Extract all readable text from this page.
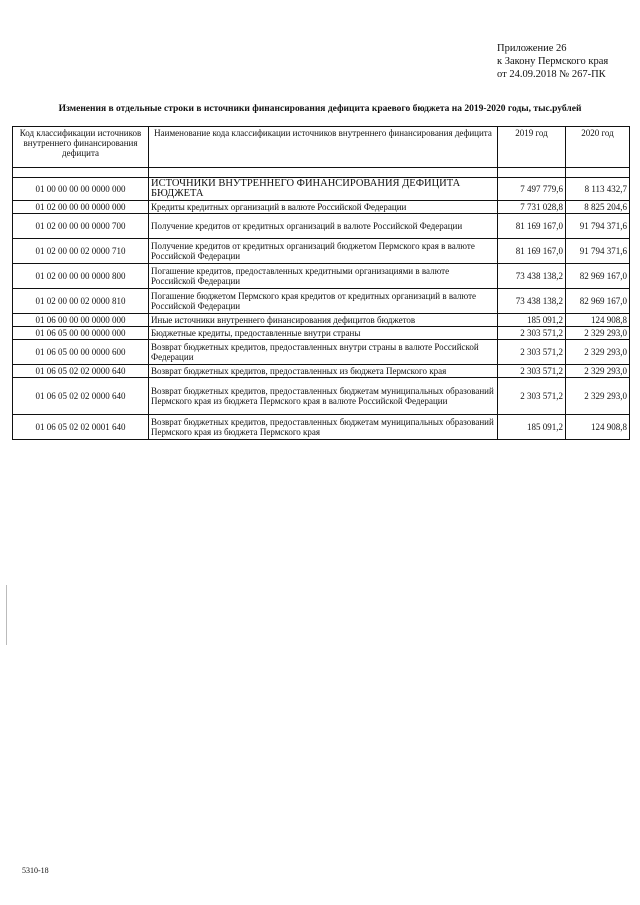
Приложение 26
к Закону Пермского края
от 24.09.2018 № 267-ПК
Изменения в отдельные строки в источники финансирования дефицита краевого бюджета на 2019-2020 годы, тыс.рублей
Код классификации источников внутреннего финансирования дефицита	Наименование кода классификации источников внутреннего финансирования дефицита	2019 год	2020 год

01 00 00 00 00 0000 000	ИСТОЧНИКИ ВНУТРЕННЕГО ФИНАНСИРОВАНИЯ ДЕФИЦИТА БЮДЖЕТА	7 497 779,6	8 113 432,7
01 02 00 00 00 0000 000	Кредиты кредитных организаций в валюте Российской Федерации	7 731 028,8	8 825 204,6
01 02 00 00 00 0000 700	Получение кредитов от кредитных организаций в валюте Российской Федерации	81 169 167,0	91 794 371,6
01 02 00 00 02 0000 710	Получение кредитов от кредитных организаций бюджетом Пермского края в валюте Российской Федерации	81 169 167,0	91 794 371,6
01 02 00 00 00 0000 800	Погашение кредитов, предоставленных кредитными организациями в валюте Российской Федерации	73 438 138,2	82 969 167,0
01 02 00 00 02 0000 810	Погашение бюджетом Пермского края кредитов от кредитных организаций в валюте Российской Федерации	73 438 138,2	82 969 167,0
01 06 00 00 00 0000 000	Иные источники внутреннего финансирования дефицитов бюджетов	185 091,2	124 908,8
01 06 05 00 00 0000 000	Бюджетные кредиты, предоставленные внутри страны	2 303 571,2	2 329 293,0
01 06 05 00 00 0000 600	Возврат бюджетных кредитов, предоставленных внутри страны в валюте Российской Федерации	2 303 571,2	2 329 293,0
01 06 05 02 02 0000 640	Возврат бюджетных кредитов, предоставленных из бюджета Пермского края	2 303 571,2	2 329 293,0
01 06 05 02 02 0000 640	Возврат бюджетных кредитов, предоставленных бюджетам муниципальных образований Пермского края из бюджета Пермского края в валюте Российской Федерации	2 303 571,2	2 329 293,0
01 06 05 02 02 0001 640	Возврат бюджетных кредитов, предоставленных бюджетам муниципальных образований Пермского края из бюджета Пермского края	185 091,2	124 908,8
5310-18
